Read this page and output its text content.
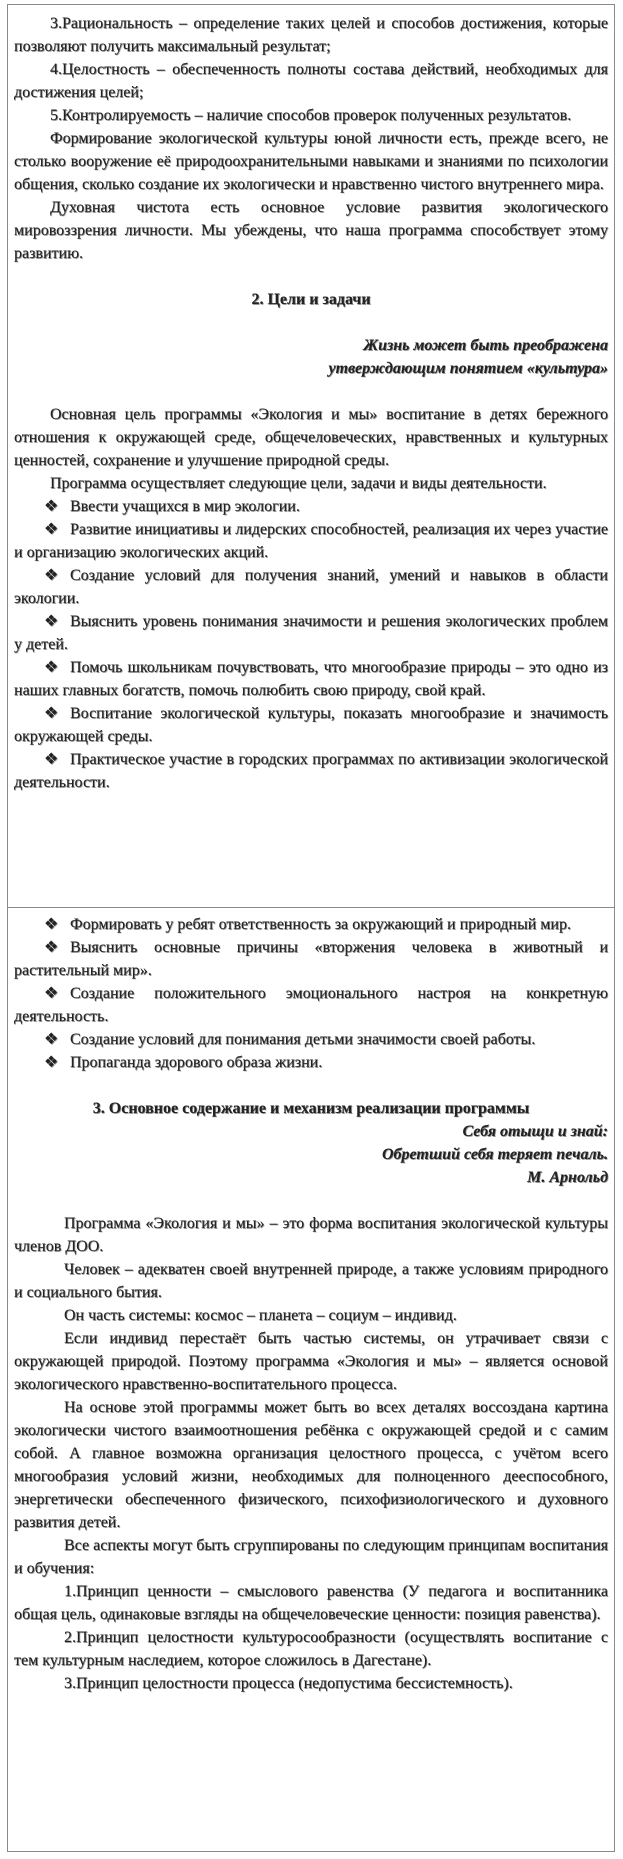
3.Рациональность – определение таких целей и способов достижения, которые позволяют получить максимальный результат;

4.Целостность – обеспеченность полноты состава действий, необходимых для достижения целей;

5.Контролируемость – наличие способов проверок полученных результатов.

Формирование экологической культуры юной личности есть, прежде всего, не столько вооружение её природоохранительными навыками и знаниями по психологии общения, сколько создание их экологически и нравственно чистого внутреннего мира.

Духовная чистота есть основное условие развития экологического мировоззрения личности. Мы убеждены, что наша программа способствует этому развитию.

2. Цели и задачи

Жизнь может быть преображена

утверждающим понятием «культура»

Основная цель программы «Экология и мы» воспитание в детях бережного отношения к окружающей среде, общечеловеческих, нравственных и культурных ценностей, сохранение и улучшение природной среды.

Программа осуществляет следующие цели, задачи и виды деятельности.

❖ Ввести учащихся в мир экологии.

❖ Развитие инициативы и лидерских способностей, реализация их через участие и организацию экологических акций.

❖ Создание условий для получения знаний, умений и навыков в области экологии.

❖ Выяснить уровень понимания значимости и решения экологических проблем у детей.

❖ Помочь школьникам почувствовать, что многообразие природы – это одно из наших главных богатств, помочь полюбить свою природу, свой край.

❖ Воспитание экологической культуры, показать многообразие и значимость окружающей среды.

❖ Практическое участие в городских программах по активизации экологической деятельности.

❖ Формировать у ребят ответственность за окружающий и природный мир.

❖ Выяснить основные причины «вторжения человека в животный и растительный мир».

❖ Создание положительного эмоционального настроя на конкретную деятельность.

❖ Создание условий для понимания детьми значимости своей работы.

❖ Пропаганда здорового образа жизни.

3. Основное содержание и механизм реализации программы

Себя отыщи и знай:

Обретший себя теряет печаль.

М. Арнольд

Программа «Экология и мы» – это форма воспитания экологической культуры членов ДОО.

Человек – адекватен своей внутренней природе, а также условиям природного и социального бытия.

Он часть системы: космос – планета – социум – индивид.

Если индивид перестаёт быть частью системы, он утрачивает связи с окружающей природой. Поэтому программа «Экология и мы» – является основой экологического нравственно-воспитательного процесса.

На основе этой программы может быть во всех деталях воссоздана картина экологически чистого взаимоотношения ребёнка с окружающей средой и с самим собой. А главное возможна организация целостного процесса, с учётом всего многообразия условий жизни, необходимых для полноценного дееспособного, энергетически обеспеченного физического, психофизиологического и духовного развития детей.

Все аспекты могут быть сгруппированы по следующим принципам воспитания и обучения:

1.Принцип ценности – смыслового равенства (У педагога и воспитанника общая цель, одинаковые взгляды на общечеловеческие ценности: позиция равенства).

2.Принцип целостности культуросообразности (осуществлять воспитание с тем культурным наследием, которое сложилось в Дагестане).

3.Принцип целостности процесса (недопустима бессистемность).
